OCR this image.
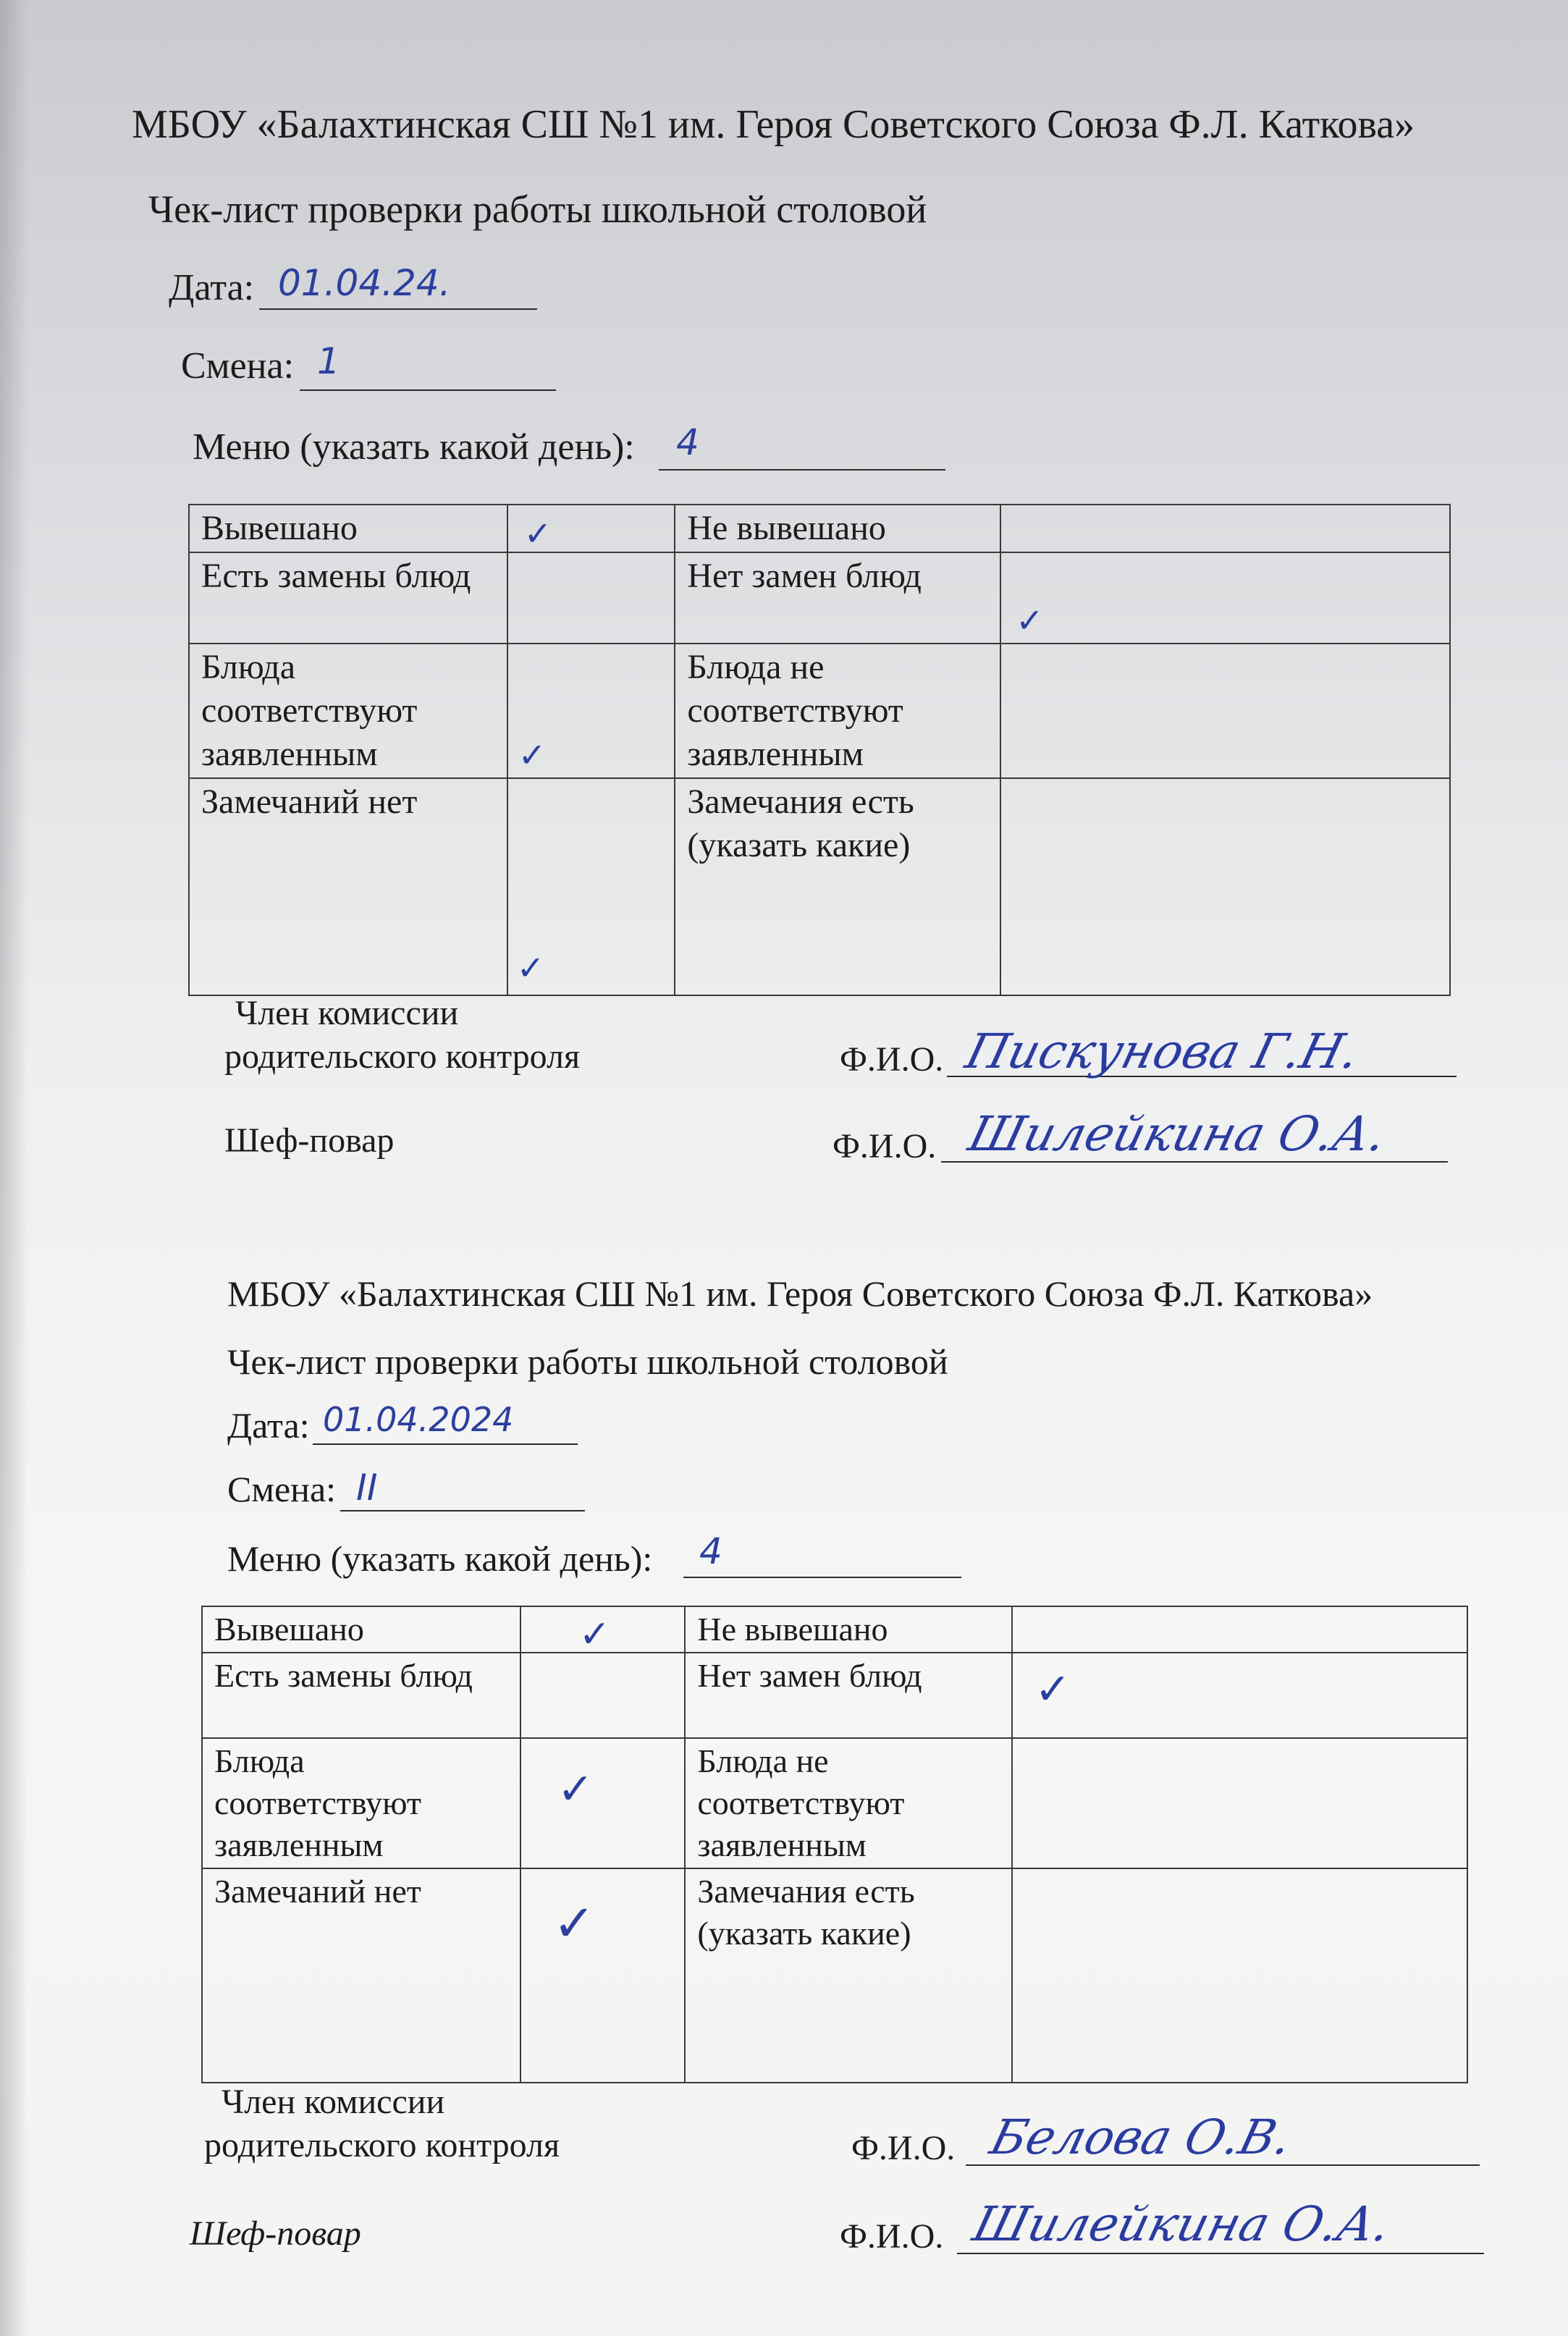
МБОУ «Балахтинская СШ №1 им. Героя Советского Союза Ф.Л. Каткова»
Чек-лист проверки работы школьной столовой
Дата: 01.04.24.
Смена: 1
Меню (указать какой день): 4
Вывешано	✓	Не вывешано	
Есть замены блюд		Нет замен блюд	✓

Блюда соответствуют заявленным	✓	Блюда не соответствуют заявленным	
Замечаний нет	✓	Замечания есть (указать какие)	
Член комиссии
родительского контроля	Ф.И.О. Пискунова Г.Н.
Шеф-повар	Ф.И.О. Шилейкина О.А.
МБОУ «Балахтинская СШ №1 им. Героя Советского Союза Ф.Л. Каткова»
Чек-лист проверки работы школьной столовой
Дата: 01.04.2024
Смена: II
Меню (указать какой день): 4
Вывешано	✓	Не вывешано	
Есть замены блюд		Нет замен блюд	✓

Блюда соответствуют заявленным	✓	Блюда не соответствуют заявленным	
Замечаний нет	✓	Замечания есть (указать какие)	
Член комиссии
родительского контроля	Ф.И.О. Белова О.В.
Шеф-повар	Ф.И.О. Шилейкина О.А.
